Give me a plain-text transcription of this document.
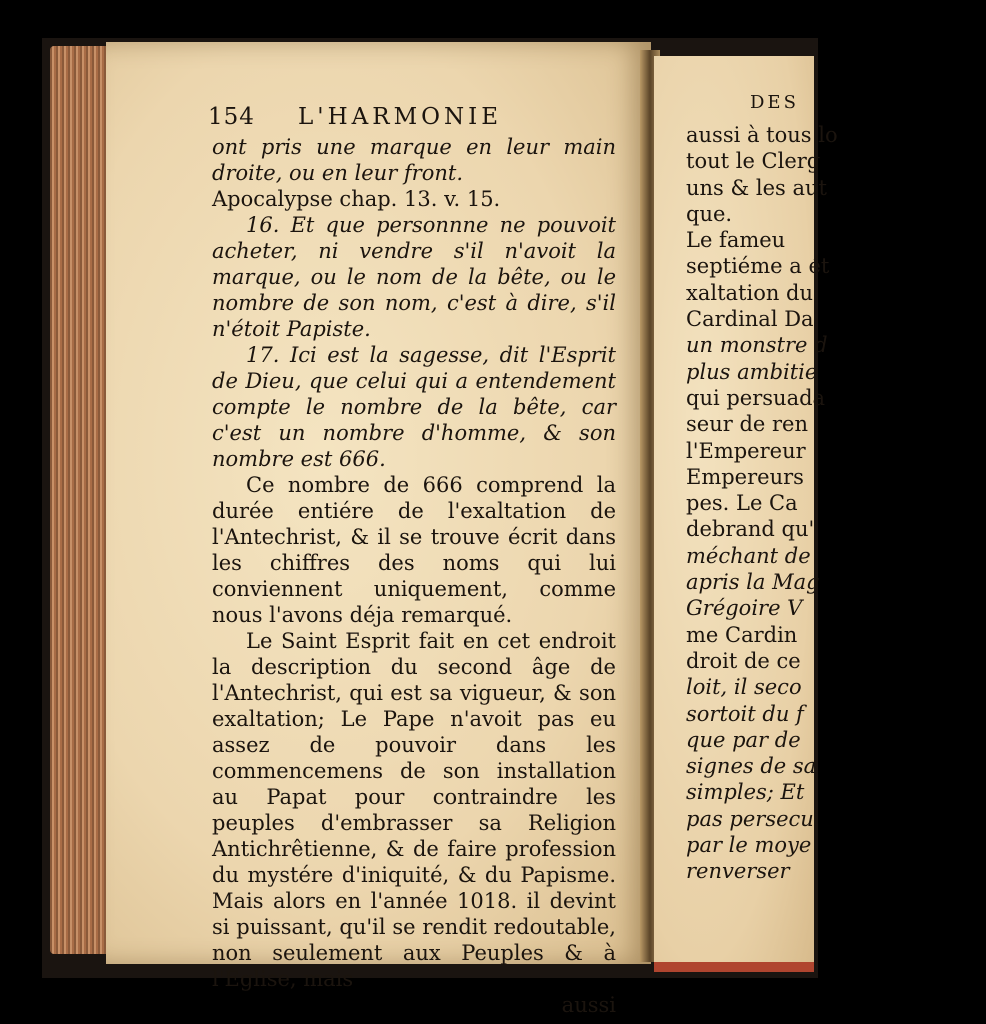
DES
aussi à tous lo
tout le Clerg
uns & les aut
que.
Le fameu
septiéme a ét
xaltation du
Cardinal Da
un monstre d
plus ambitie
qui persuada
seur de ren
l'Empereur
Empereurs
pes. Le Ca
debrand qu'
méchant de
apris la Mag
Grégoire V
me Cardin
droit de ce
loit, il seco
sortoit du f
que par de
signes de sa
simples; Et
pas persecu
par le moye
renverser
154 L'HARMONIE

ont pris une marque en leur main droite, ou en leur front.

Apocalypse chap. 13. v. 15.

16. Et que personnne ne pouvoit acheter, ni vendre s'il n'avoit la marque, ou le nom de la bête, ou le nombre de son nom, c'est à dire, s'il n'étoit Papiste.

17. Ici est la sagesse, dit l'Esprit de Dieu, que celui qui a entendement compte le nombre de la bête, car c'est un nombre d'homme, & son nombre est 666.

Ce nombre de 666 comprend la durée entiére de l'exaltation de l'Antechrist, & il se trouve écrit dans les chiffres des noms qui lui conviennent uniquement, comme nous l'avons déja remarqué.

Le Saint Esprit fait en cet endroit la description du second âge de l'Antechrist, qui est sa vigueur, & son exaltation; Le Pape n'avoit pas eu assez de pouvoir dans les commencemens de son installation au Papat pour contraindre les peuples d'embrasser sa Religion Antichrêtienne, & de faire profession du mystére d'iniquité, & du Papisme. Mais alors en l'année 1018. il devint si puissant, qu'il se rendit redoutable, non seulement aux Peuples & à l'Eglise, mais

aussi
